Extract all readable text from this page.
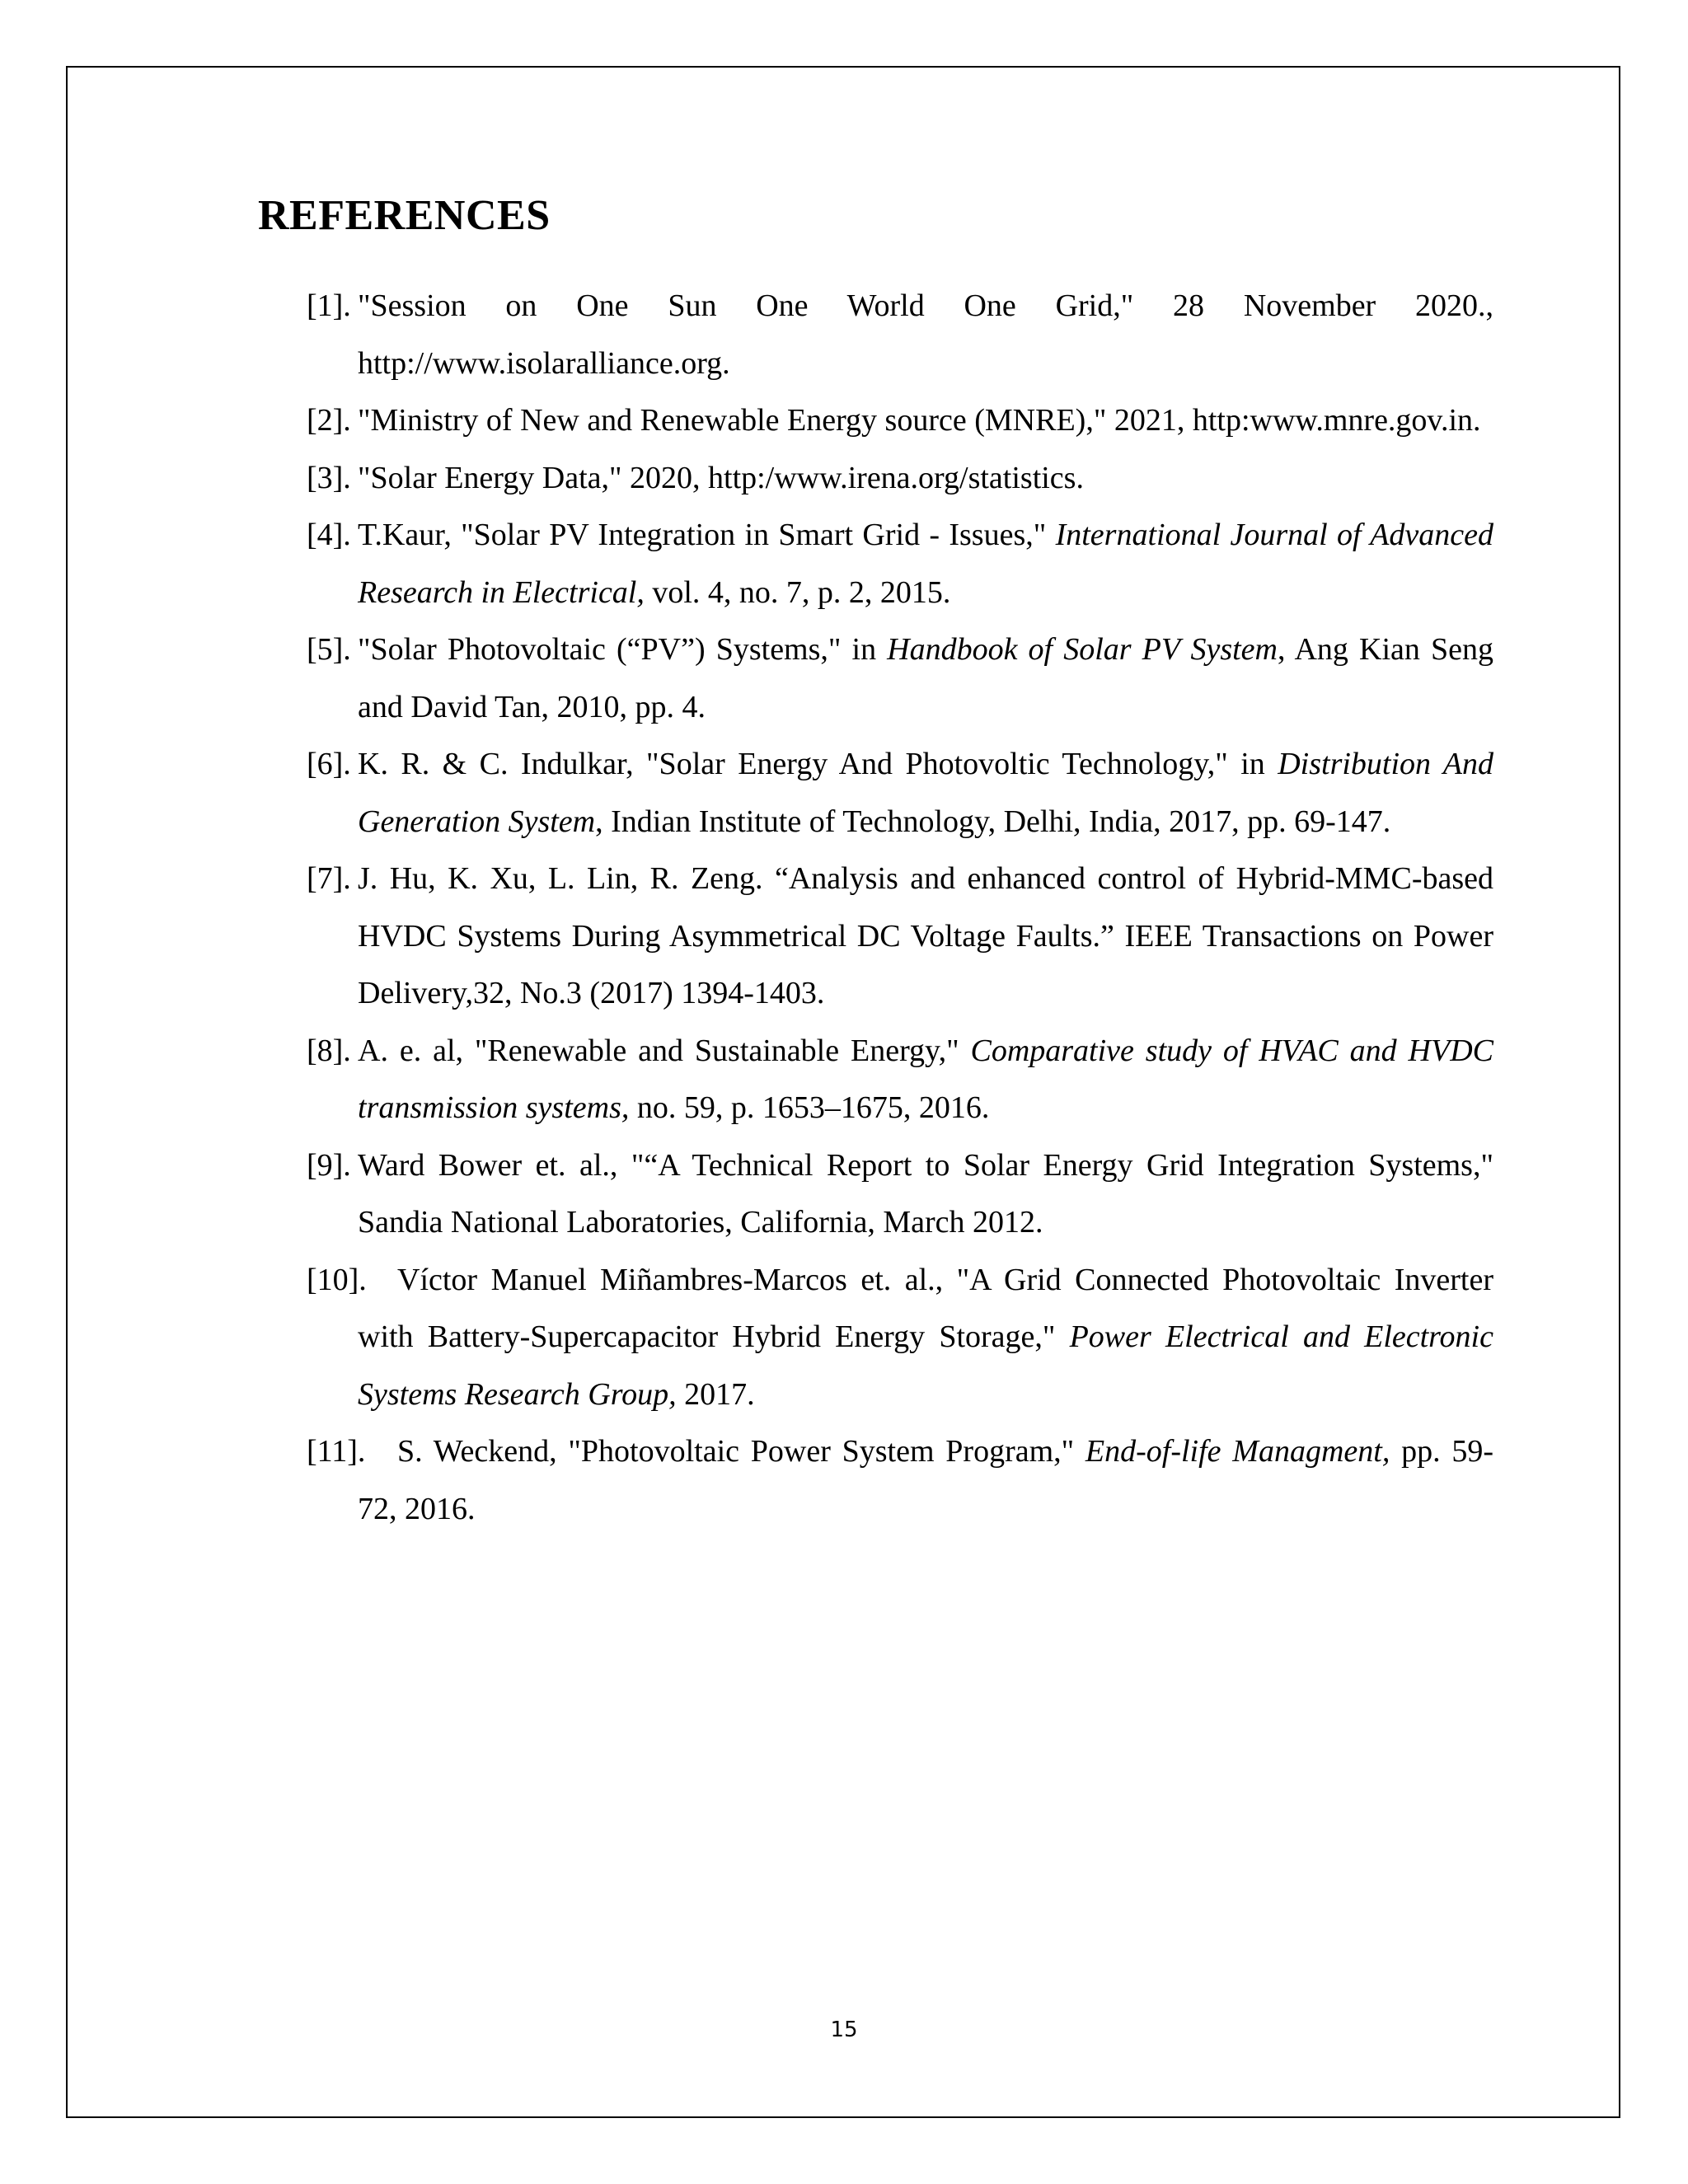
REFERENCES
[1]. "Session on One Sun One World One Grid," 28 November 2020., http://www.isolaralliance.org.
[2]. "Ministry of New and Renewable Energy source (MNRE)," 2021, http:www.mnre.gov.in.
[3]. "Solar Energy Data," 2020, http:/www.irena.org/statistics.
[4]. T.Kaur, "Solar PV Integration in Smart Grid - Issues," International Journal of Advanced Research in Electrical, vol. 4, no. 7, p. 2, 2015.
[5]. "Solar Photovoltaic (“PV”) Systems," in Handbook of Solar PV System, Ang Kian Seng and David Tan, 2010, pp. 4.
[6]. K. R. & C. Indulkar, "Solar Energy And Photovoltic Technology," in Distribution And Generation System, Indian Institute of Technology, Delhi, India, 2017, pp. 69-147.
[7]. J. Hu, K. Xu, L. Lin, R. Zeng. “Analysis and enhanced control of Hybrid-MMC-based HVDC Systems During Asymmetrical DC Voltage Faults.” IEEE Transactions on Power Delivery,32, No.3 (2017) 1394-1403.
[8]. A. e. al, "Renewable and Sustainable Energy," Comparative study of HVAC and HVDC transmission systems, no. 59, p. 1653–1675, 2016.
[9]. Ward Bower et. al., "“A Technical Report to Solar Energy Grid Integration Systems," Sandia National Laboratories, California, March 2012.
[10]. Víctor Manuel Miñambres-Marcos et. al., "A Grid Connected Photovoltaic Inverter with Battery-Supercapacitor Hybrid Energy Storage," Power Electrical and Electronic Systems Research Group, 2017.
[11]. S. Weckend, "Photovoltaic Power System Program," End-of-life Managment, pp. 59-72, 2016.
15
